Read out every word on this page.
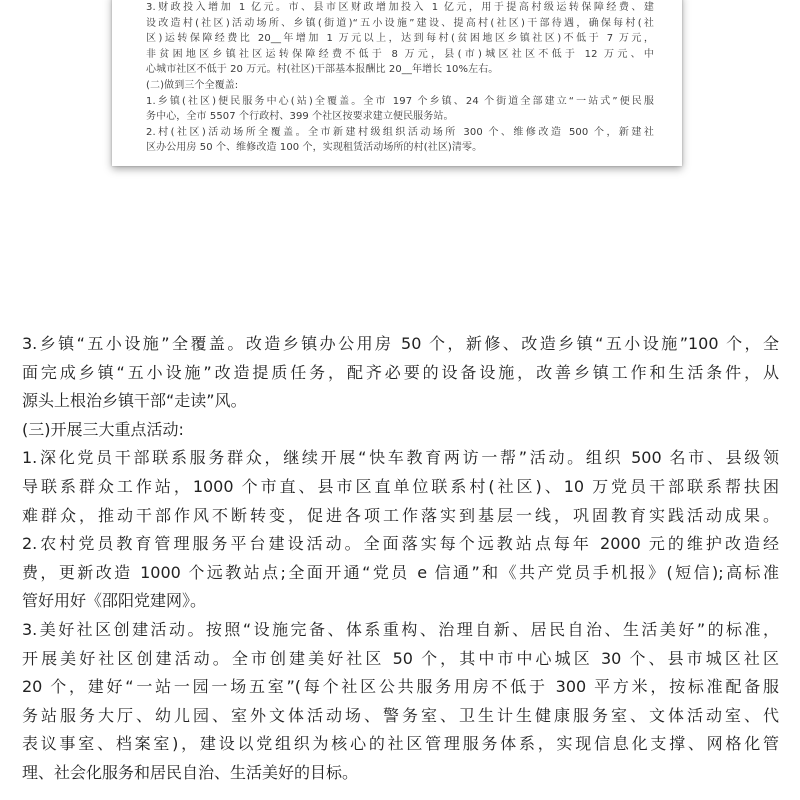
3.财政投入增加 1 亿元。市、县市区财政增加投入 1 亿元，用于提高村级运转保障经费、建
设改造村(社区)活动场所、乡镇(街道)“五小设施”建设、提高村(社区)干部待遇，确保每村(社
区)运转保障经费比 20__年增加 1 万元以上，达到每村(贫困地区乡镇社区)不低于 7 万元，
非贫困地区乡镇社区运转保障经费不低于 8 万元，县(市)城区社区不低于 12 万元、中
心城市社区不低于 20 万元。村(社区)干部基本报酬比 20__年增长 10%左右。
(二)做到三个全覆盖:
1.乡镇(社区)便民服务中心(站)全覆盖。全市 197 个乡镇、24 个街道全部建立“一站式”便民服
务中心，全市 5507 个行政村、399 个社区按要求建立便民服务站。
2.村(社区)活动场所全覆盖。全市新建村级组织活动场所 300 个、维修改造 500 个，新建社
区办公用房 50 个、维修改造 100 个，实现租赁活动场所的村(社区)清零。
3.乡镇“五小设施”全覆盖。改造乡镇办公用房 50 个，新修、改造乡镇“五小设施”100 个，全
面完成乡镇“五小设施”改造提质任务，配齐必要的设备设施，改善乡镇工作和生活条件，从
源头上根治乡镇干部“走读”风。
(三)开展三大重点活动:
1.深化党员干部联系服务群众，继续开展“快车教育两访一帮”活动。组织 500 名市、县级领
导联系群众工作站，1000 个市直、县市区直单位联系村(社区)、10 万党员干部联系帮扶困
难群众，推动干部作风不断转变，促进各项工作落实到基层一线，巩固教育实践活动成果。
2.农村党员教育管理服务平台建设活动。全面落实每个远教站点每年 2000 元的维护改造经
费，更新改造 1000 个远教站点;全面开通“党员 e 信通”和《共产党员手机报》(短信);高标准
管好用好《邵阳党建网》。
3.美好社区创建活动。按照“设施完备、体系重构、治理自新、居民自治、生活美好”的标准，
开展美好社区创建活动。全市创建美好社区 50 个，其中市中心城区 30 个、县市城区社区
20 个，建好“一站一园一场五室”(每个社区公共服务用房不低于 300 平方米，按标准配备服
务站服务大厅、幼儿园、室外文体活动场、警务室、卫生计生健康服务室、文体活动室、代
表议事室、档案室)，建设以党组织为核心的社区管理服务体系，实现信息化支撑、网格化管
理、社会化服务和居民自治、生活美好的目标。
